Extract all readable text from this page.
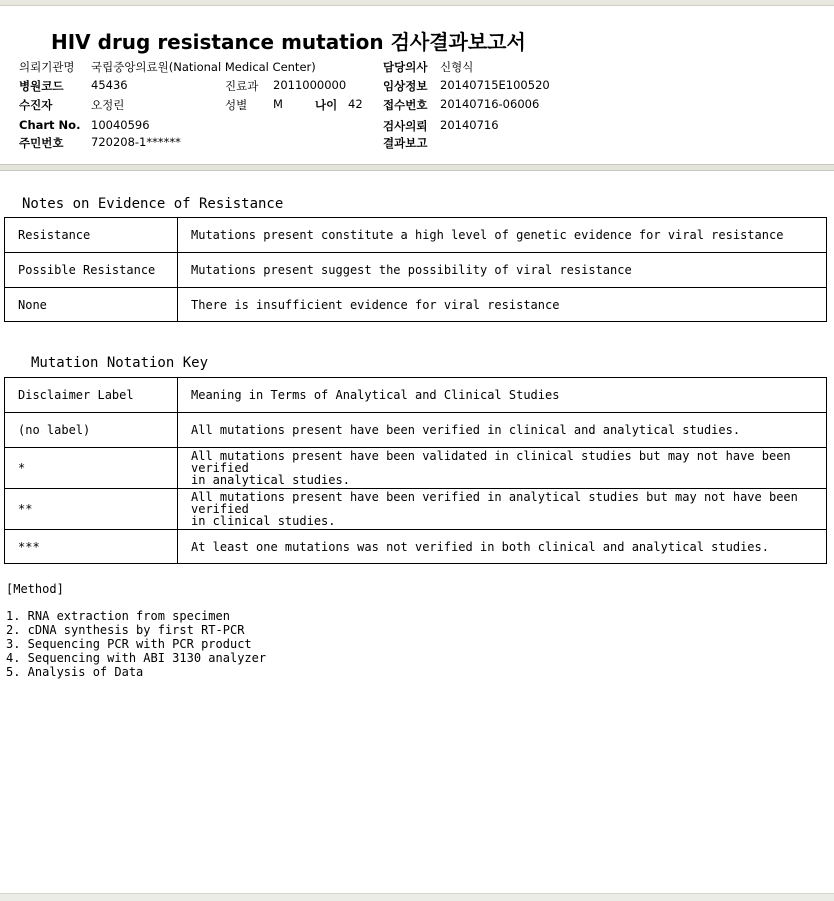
HIV drug resistance mutation 검사결과보고서
의뢰기관명 국립중앙의료원(National Medical Center)	담당의사 신형식
병원코드 45436	진료과 2011000000	임상정보 20140715E100520
수진자	오정린	성별 M	나이 42 접수번호 20140716-06006
Chart No. 10040596	검사의뢰 20140716
주민번호 720208-1******	결과보고
Notes on Evidence of Resistance
Resistance	Mutations present constitute a high level of genetic evidence for viral resistance
Possible Resistance	Mutations present suggest the possibility of viral resistance
None	There is insufficient evidence for viral resistance
Mutation Notation Key
Disclaimer Label	Meaning in Terms of Analytical and Clinical Studies
(no label)	All mutations present have been verified in clinical and analytical studies.
*	All mutations present have been validated in clinical studies but may not have been verified
in analytical studies.

**	All mutations present have been verified in analytical studies but may not have been verified
in clinical studies.

***	At least one mutations was not verified in both clinical and analytical studies.
[Method]
1. RNA extraction from specimen
2. cDNA synthesis by first RT-PCR
3. Sequencing PCR with PCR product
4. Sequencing with ABI 3130 analyzer
5. Analysis of Data
